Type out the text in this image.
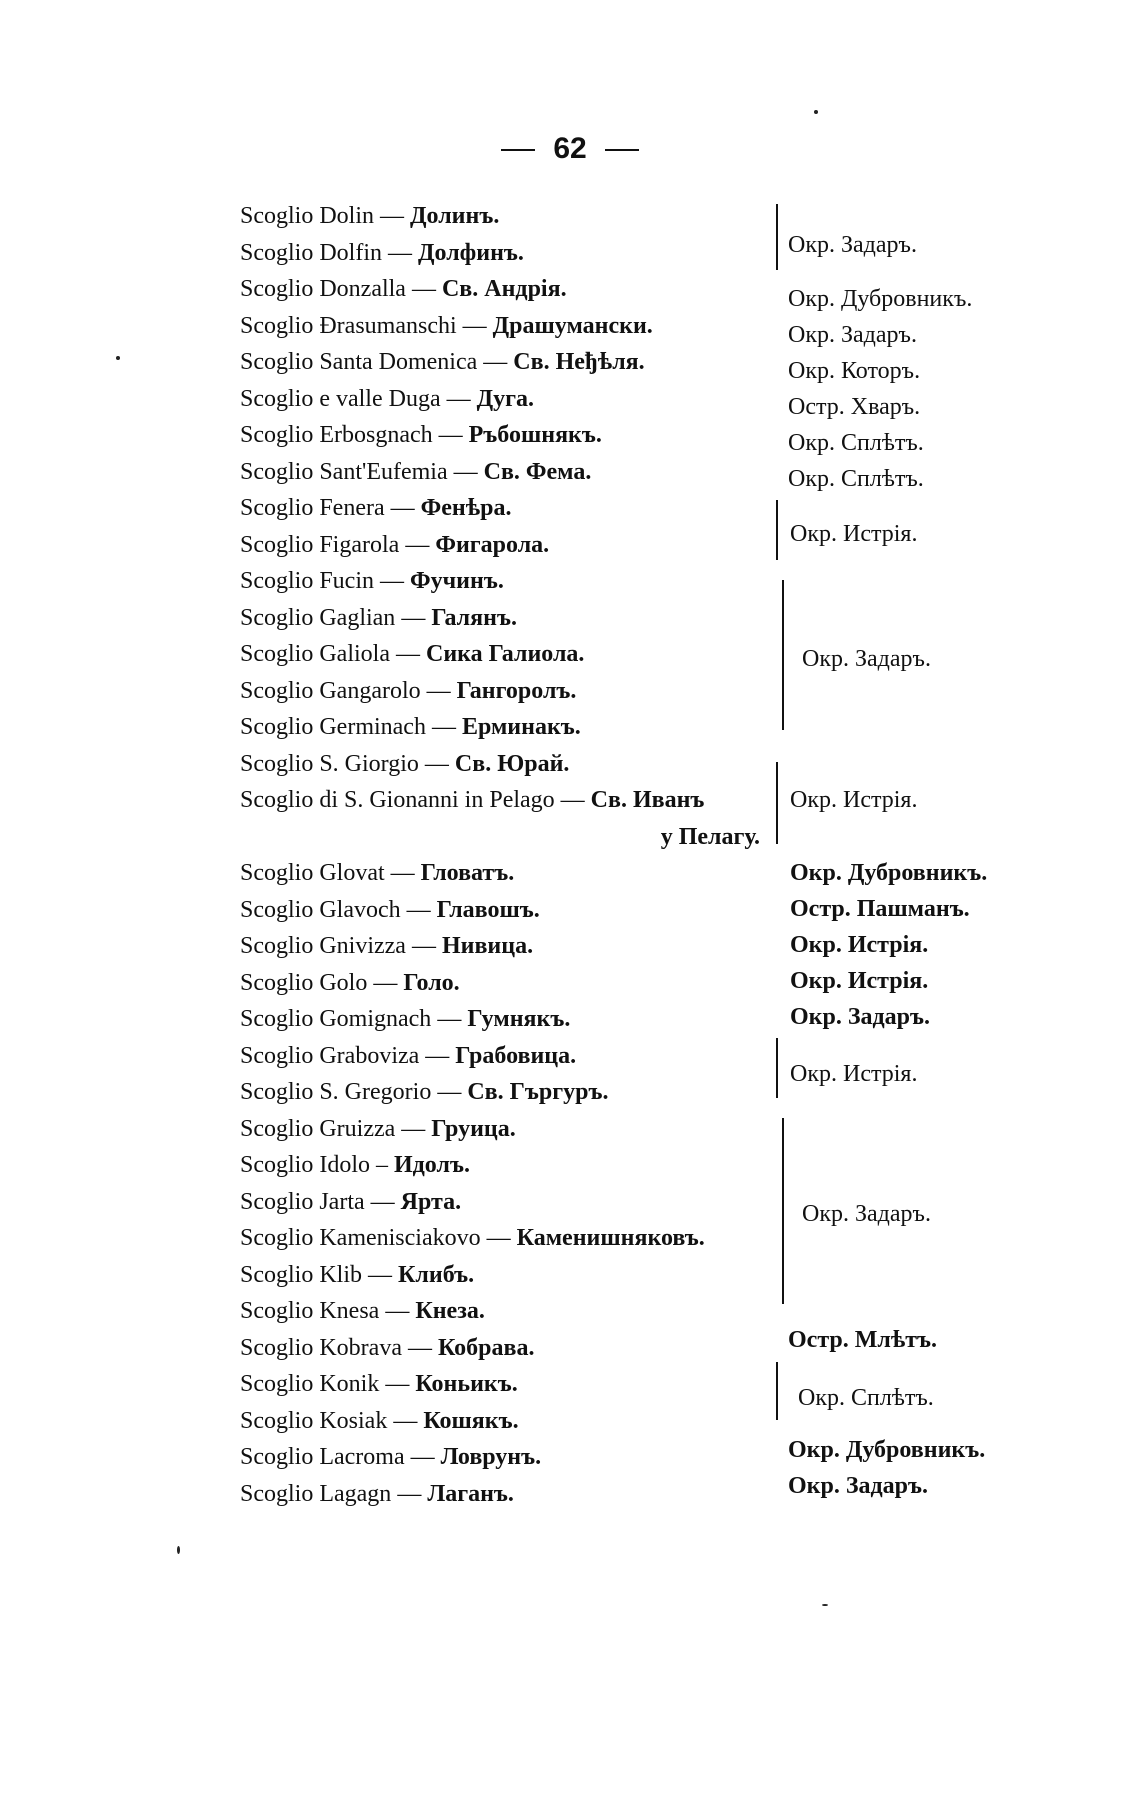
62
Scoglio Dolin — Долинъ.
Scoglio Dolfin — Долфинъ.
Scoglio Donzalla — Св. Андрія.
Scoglio Ðrasumanschi — Драшумански.
Scoglio Santa Domenica — Св. Неђѣля.
Scoglio e valle Duga — Дуга.
Scoglio Erbosgnach — Ръбошнякъ.
Scoglio Sant'Eufemia — Св. Фема.
Scoglio Fenera — Фенѣра.
Scoglio Figarola — Фигарола.
Scoglio Fucin — Фучинъ.
Scoglio Gaglian — Галянъ.
Scoglio Galiola — Сика Галиола.
Scoglio Gangarolo — Гангоролъ.
Scoglio Germinach — Ерминакъ.
Scoglio S. Giorgio — Св. Юрай.
Scoglio di S. Gionanni in Pelago — Св. Иванъ
у Пелагу.
Scoglio Glovat — Гловатъ.
Scoglio Glavoch — Главошъ.
Scoglio Gnivizza — Нивица.
Scoglio Golo — Голо.
Scoglio Gomignach — Гумнякъ.
Scoglio Graboviza — Грабовица.
Scoglio S. Gregorio — Св. Гъргуръ.
Scoglio Gruizza — Груица.
Scoglio Idolo – Идолъ.
Scoglio Jarta — Ярта.
Scoglio Kamenisciakovo — Каменишняковъ.
Scoglio Klib — Клибъ.
Scoglio Knesa — Кнеза.
Scoglio Kobrava — Кобрава.
Scoglio Konik — Коньикъ.
Scoglio Kosiak — Кошякъ.
Scoglio Lacroma — Ловрунъ.
Scoglio Lagagn — Лаганъ.
Окр. Задаръ.
Окр. Дубровникъ.
Окр. Задаръ.
Окр. Которъ.
Остр. Хваръ.
Окр. Сплѣтъ.
Окр. Сплѣтъ.
Окр. Истрія.
Окр. Задаръ.
Окр. Истрія.
Окр. Дубровникъ.
Остр. Пашманъ.
Окр. Истрія.
Окр. Истрія.
Окр. Задаръ.
Окр. Истрія.
Окр. Задаръ.
Остр. Млѣтъ.
Окр. Сплѣтъ.
Окр. Дубровникъ.
Окр. Задаръ.
